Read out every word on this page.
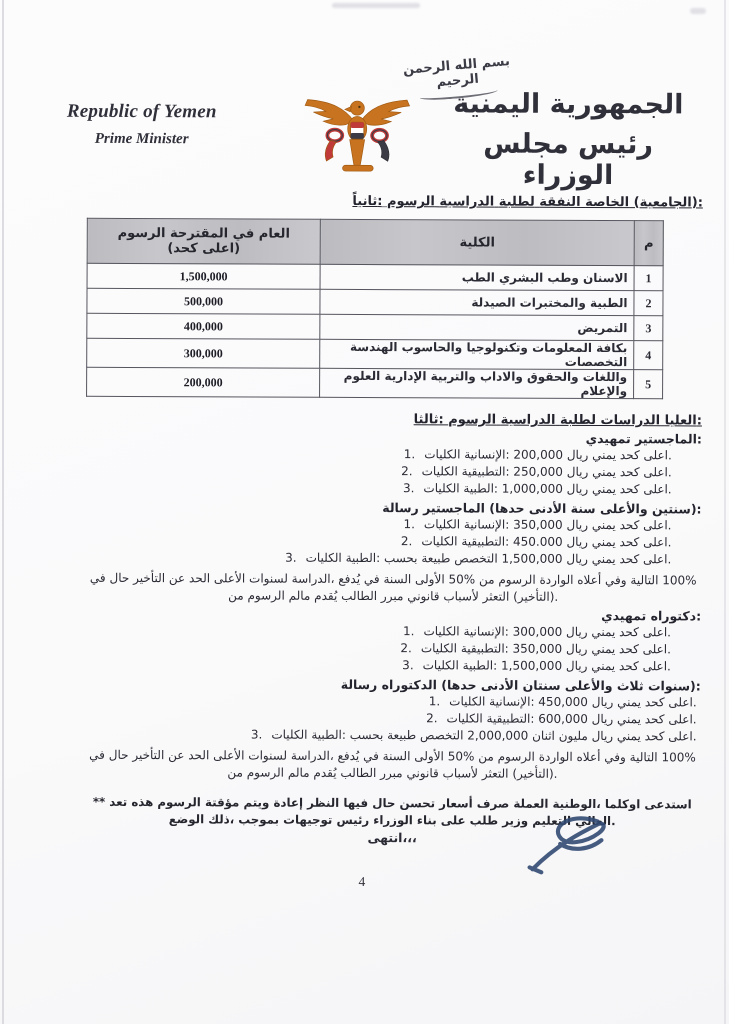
Republic of Yemen
Prime Minister
بسم الله الرحمن الرحيم
الجمهورية اليمنية
رئيس مجلس الوزراء
ثانياً: ‎الرسوم ‎الدراسية ‎لطلبة ‎النفقة ‎الخاصة ‎(الجامعية):
م	الكلية	الرسوم ‎المقترحة ‎في ‎العام
(كحد ‎اعلى)

1	الطب ‎البشري ‎وطب ‎الاسنان	1,500,000
2	الصيدلة ‎والمختبرات ‎الطبية	500,000
3	التمريض	400,000
4	الهندسة ‎والحاسوب ‎وتكنولوجيا ‎المعلومات ‎بكافة ‎التخصصات	300,000
5	العلوم ‎الإدارية ‎والتربية ‎والاداب ‎والحقوق ‎واللغات ‎والإعلام	200,000
ثالثا: ‎الرسوم ‎الدراسية ‎لطلبة ‎الدراسات ‎العليا:
تمهيدي ‎الماجستير:
1. الكليات ‎الإنسانية: ‎200,000 ‎ريال ‎يمني ‎كحد ‎اعلى.
2. الكليات ‎التطبيقية: ‎250,000 ‎ريال ‎يمني ‎كحد ‎اعلى.
3. الكليات ‎الطبية: ‎1,000,000 ‎ريال ‎يمني ‎كحد ‎اعلى.
رسالة ‎الماجستير ‎(حدها ‎الأدنى ‎سنة ‎والأعلى ‎سنتين):
1. الكليات ‎الإنسانية: ‎350,000 ‎ريال ‎يمني ‎كحد ‎اعلى.
2. الكليات ‎التطبيقية: ‎450.000 ‎ريال ‎يمني ‎كحد ‎اعلى.
3. الكليات ‎الطبية: ‎بحسب ‎طبيعة ‎التخصص ‎1,500,000 ‎ريال ‎يمني ‎كحد ‎اعلى.
في ‎حال ‎التأخير ‎عن ‎الحد ‎الأعلى ‎لسنوات ‎الدراسة، ‎يُدفع ‎في ‎السنة ‎الأولى ‎50% ‎من ‎الرسوم ‎الواردة ‎أعلاه ‎وفي ‎التالية ‎100% ‎من ‎الرسوم ‎مالم ‎يُقدم ‎الطالب ‎مبرر ‎قانوني ‎لأسباب ‎التعثر ‎(التأخير).
تمهيدي ‎دكتوراه:
1. الكليات ‎الإنسانية: ‎300,000 ‎ريال ‎يمني ‎كحد ‎اعلى.
2. الكليات ‎التطبيقية: ‎350,000 ‎ريال ‎يمني ‎كحد ‎اعلى.
3. الكليات ‎الطبية: ‎1,500,000 ‎ريال ‎يمني ‎كحد ‎اعلى.
رسالة ‎الدكتوراه ‎(حدها ‎الأدنى ‎سنتان ‎والأعلى ‎ثلاث ‎سنوات):
1. الكليات ‎الإنسانية: ‎450,000 ‎ريال ‎يمني ‎كحد ‎اعلى.
2. الكليات ‎التطبيقية: ‎600,000 ‎ريال ‎يمني ‎كحد ‎اعلى.
3. الكليات ‎الطبية: ‎بحسب ‎طبيعة ‎التخصص ‎2,000,000 ‎اثنان ‎مليون ‎ريال ‎يمني ‎كحد ‎اعلى.
في ‎حال ‎التأخير ‎عن ‎الحد ‎الأعلى ‎لسنوات ‎الدراسة، ‎يُدفع ‎في ‎السنة ‎الأولى ‎50% ‎من ‎الرسوم ‎الواردة ‎أعلاه ‎وفي ‎التالية ‎100% ‎من ‎الرسوم ‎مالم ‎يُقدم ‎الطالب ‎مبرر ‎قانوني ‎لأسباب ‎التعثر ‎(التأخير).
** ‎تعد ‎هذه ‎الرسوم ‎مؤقتة ‎ويتم ‎إعادة ‎النظر ‎فيها ‎حال ‎تحسن ‎أسعار ‎صرف ‎العملة ‎الوطنية، ‎اوكلما ‎استدعى ‎الوضع ‎ذلك، ‎بموجب ‎توجيهات ‎رئيس ‎الوزراء ‎بناء ‎على ‎طلب ‎وزير ‎التعليم ‎العالي.
انتهى،،،
4
